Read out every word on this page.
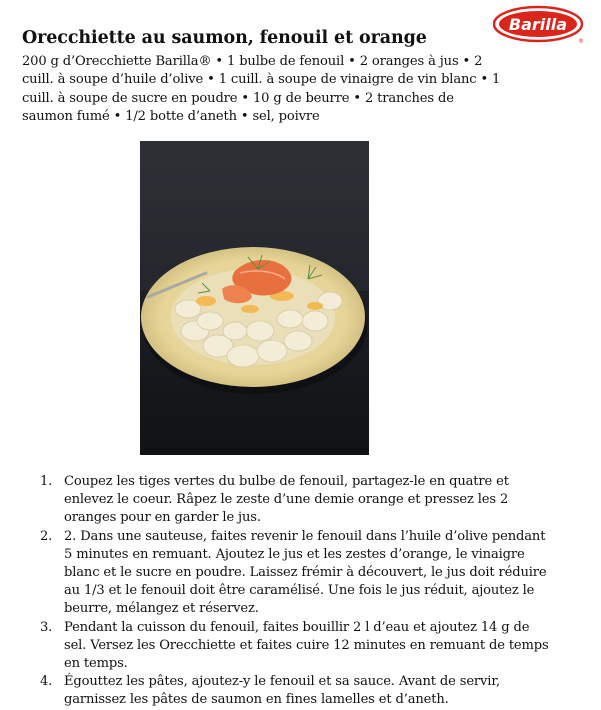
Barilla
®
Orecchiette au saumon, fenouil et orange
200 g d’Orecchiette Barilla® • 1 bulbe de fenouil • 2 oranges à jus • 2 cuill. à soupe d’huile d’olive • 1 cuill. à soupe de vinaigre de vin blanc • 1 cuill. à soupe de sucre en poudre • 10 g de beurre • 2 tranches de saumon fumé • 1/2 botte d’aneth • sel, poivre
1. Coupez les tiges vertes du bulbe de fenouil, partagez-le en quatre et enlevez le coeur. Râpez le zeste d’une demie orange et pressez les 2 oranges pour en garder le jus.
2. 2. Dans une sauteuse, faites revenir le fenouil dans l’huile d’olive pendant 5 minutes en remuant. Ajoutez le jus et les zestes d’orange, le vinaigre blanc et le sucre en poudre. Laissez frémir à découvert, le jus doit réduire au 1/3 et le fenouil doit être caramélisé. Une fois le jus réduit, ajoutez le beurre, mélangez et réservez.
3. Pendant la cuisson du fenouil, faites bouillir 2 l d’eau et ajoutez 14 g de sel. Versez les Orecchiette et faites cuire 12 minutes en remuant de temps en temps.
4. Égouttez les pâtes, ajoutez-y le fenouil et sa sauce. Avant de servir, garnissez les pâtes de saumon en fines lamelles et d’aneth.
